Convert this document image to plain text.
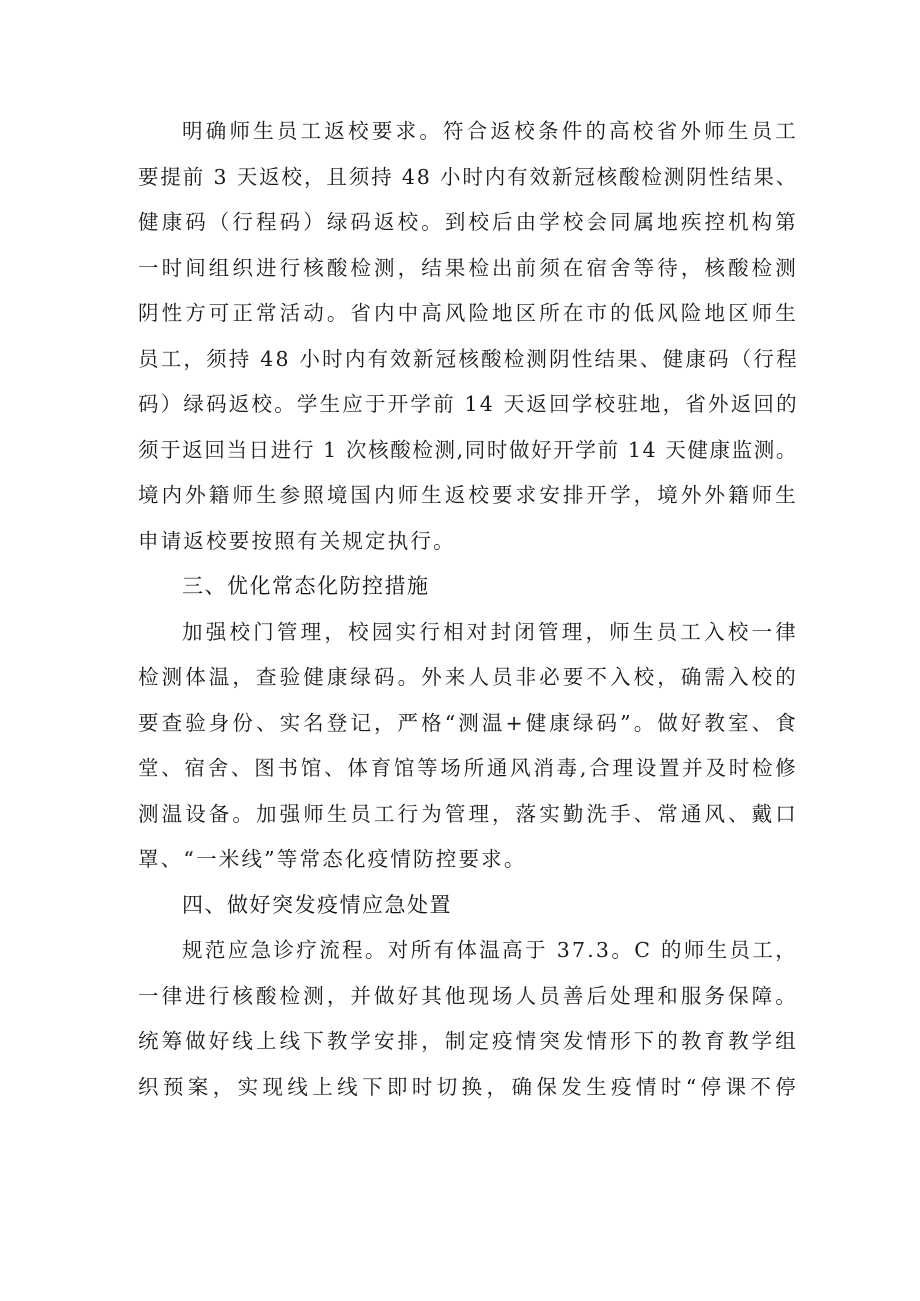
明确师生员工返校要求。符合返校条件的高校省外师生员工
要提前 3 天返校，且须持 48 小时内有效新冠核酸检测阴性结果、
健康码（行程码）绿码返校。到校后由学校会同属地疾控机构第
一时间组织进行核酸检测，结果检出前须在宿舍等待，核酸检测
阴性方可正常活动。省内中高风险地区所在市的低风险地区师生
员工，须持 48 小时内有效新冠核酸检测阴性结果、健康码（行程
码）绿码返校。学生应于开学前 14 天返回学校驻地，省外返回的
须于返回当日进行 1 次核酸检测,同时做好开学前 14 天健康监测。
境内外籍师生参照境国内师生返校要求安排开学，境外外籍师生
申请返校要按照有关规定执行。
三、优化常态化防控措施
加强校门管理，校园实行相对封闭管理，师生员工入校一律
检测体温，查验健康绿码。外来人员非必要不入校，确需入校的
要查验身份、实名登记，严格“测温+健康绿码”。做好教室、食
堂、宿舍、图书馆、体育馆等场所通风消毒,合理设置并及时检修
测温设备。加强师生员工行为管理，落实勤洗手、常通风、戴口
罩、“一米线”等常态化疫情防控要求。
四、做好突发疫情应急处置
规范应急诊疗流程。对所有体温高于 37.3。C 的师生员工，
一律进行核酸检测，并做好其他现场人员善后处理和服务保障。
统筹做好线上线下教学安排，制定疫情突发情形下的教育教学组
织预案，实现线上线下即时切换，确保发生疫情时“停课不停
